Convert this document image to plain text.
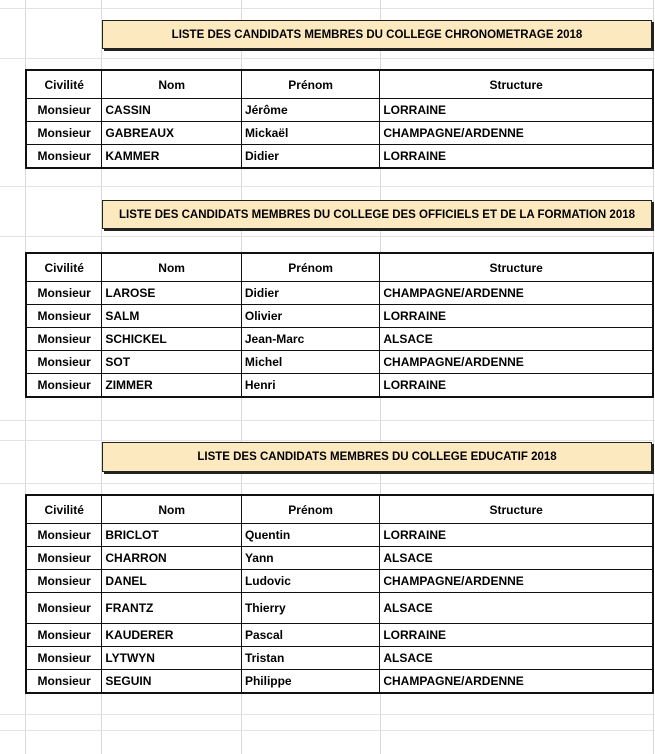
LISTE DES CANDIDATS MEMBRES DU COLLEGE CHRONOMETRAGE 2018
Civilité	Nom	Prénom	Structure
Monsieur	CASSIN	Jérôme	LORRAINE
Monsieur	GABREAUX	Mickaël	CHAMPAGNE/ARDENNE
Monsieur	KAMMER	Didier	LORRAINE
LISTE DES CANDIDATS MEMBRES DU COLLEGE DES OFFICIELS ET DE LA FORMATION 2018
Civilité	Nom	Prénom	Structure
Monsieur	LAROSE	Didier	CHAMPAGNE/ARDENNE
Monsieur	SALM	Olivier	LORRAINE
Monsieur	SCHICKEL	Jean-Marc	ALSACE
Monsieur	SOT	Michel	CHAMPAGNE/ARDENNE
Monsieur	ZIMMER	Henri	LORRAINE
LISTE DES CANDIDATS MEMBRES DU COLLEGE EDUCATIF 2018
Civilité	Nom	Prénom	Structure
Monsieur	BRICLOT	Quentin	LORRAINE
Monsieur	CHARRON	Yann	ALSACE
Monsieur	DANEL	Ludovic	CHAMPAGNE/ARDENNE
Monsieur	FRANTZ	Thierry	ALSACE
Monsieur	KAUDERER	Pascal	LORRAINE
Monsieur	LYTWYN	Tristan	ALSACE
Monsieur	SEGUIN	Philippe	CHAMPAGNE/ARDENNE
